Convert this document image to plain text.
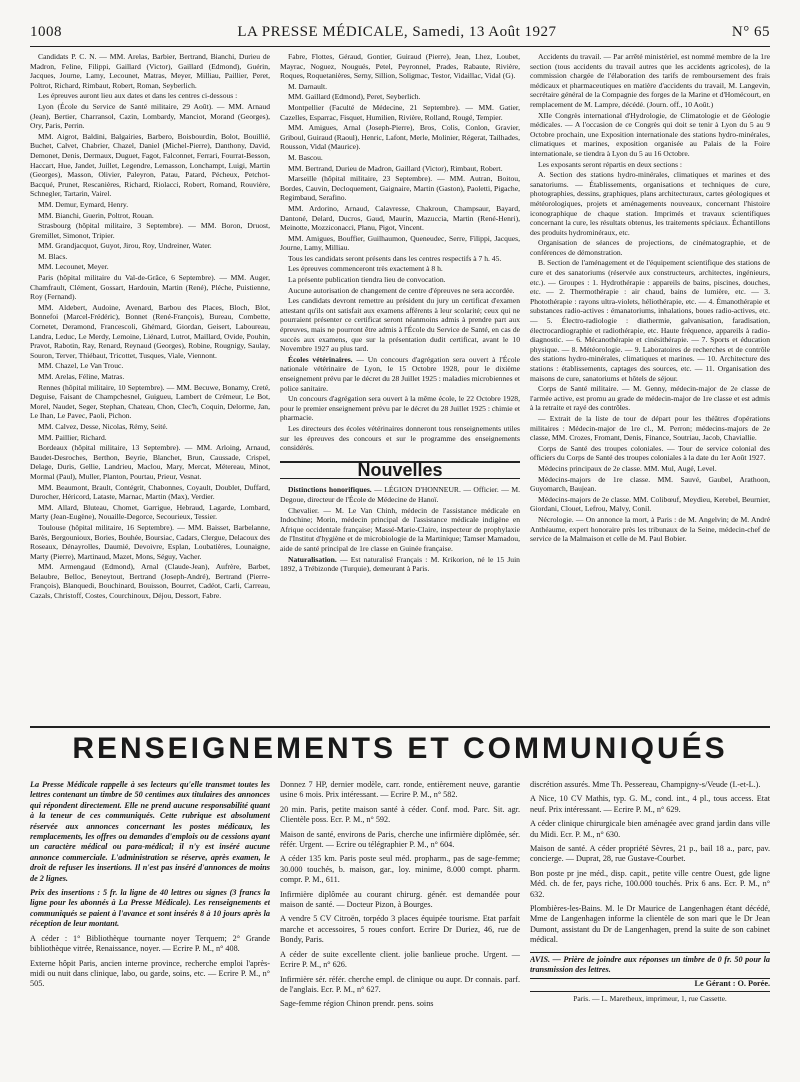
1008	LA PRESSE MÉDICALE, Samedi, 13 Août 1927	N° 65

Candidats P. C. N. — MM. Arelas, Barbier, Bertrand, Bianchi, Durieu de Madron, Feline, Filippi, Gaillard (Victor), Gaillard (Edmond), Guérin, Jacques, Journe, Lamy, Lecounet, Matras, Meyer, Milliau, Paillier, Peret, Poltrot, Richard, Rimbaut, Robert, Roman, Seyberlich.

Les épreuves auront lieu aux dates et dans les centres ci-dessous :

Lyon (École du Service de Santé militaire, 29 Août). — MM. Arnaud (Jean), Bertier, Charransol, Cazin, Lombardy, Manciot, Morand (Georges), Ory, Paris, Perrin.

MM. Aigrot, Baldini, Balgairies, Barbero, Boisbourdin, Bolot, Bouillié, Buchet, Calvet, Chabrier, Chazel, Daniel (Michel-Pierre), Danthony, David, Demonet, Denis, Dermaux, Duguet, Fagot, Falconnet, Ferrari, Fourrat-Besson, Haccart, Hue, Jandet, Juillet, Legendre, Lemasson, Lonchampt, Luigi, Martin (Georges), Masson, Olivier, Paleyron, Patau, Patard, Pécheux, Petchot-Bacqué, Prunet, Rescanières, Richard, Riolacci, Robert, Romand, Rouvière, Schnegler, Tartarin, Vairel.

MM. Demur, Eymard, Henry.

MM. Bianchi, Guerin, Poltrot, Rouan.

Strasbourg (hôpital militaire, 3 Septembre). — MM. Boron, Druost, Gremillet, Simonot, Tripier.

MM. Grandjacquot, Guyot, Jirou, Roy, Undreiner, Water.

M. Blacs.

MM. Lecounet, Meyer.

Paris (hôpital militaire du Val-de-Grâce, 6 Septembre). — MM. Auger, Chamfrault, Clément, Gossart, Hardouin, Martin (René), Pléche, Puistienne, Roy (Fernand).

MM. Aldebert, Audoine, Avenard, Barbou des Places, Bloch, Blot, Bonnefoi (Marcel-Frédéric), Bonnet (René-François), Bureau, Combette, Cornetet, Deramond, Francescoli, Ghémard, Giordan, Geisert, Laboureau, Landra, Leduc, Le Merdy, Lemoine, Liénard, Lutrot, Maillard, Ovide, Pouhin, Pravot, Rabotin, Ray, Renard, Reynaud (Georges), Robine, Rougnigy, Saulay, Souron, Terver, Thiébaut, Tricottet, Tusques, Viale, Viennont.

MM. Chazel, Le Van Trouc.

MM. Arelas, Féline, Matras.

Rennes (hôpital militaire, 10 Septembre). — MM. Becuwe, Bonamy, Creté, Deguise, Faisant de Champchesnel, Guigueu, Lambert de Crémeur, Le Bot, Morel, Naudet, Seger, Stephan, Chateau, Chon, Clec'h, Coquin, Delorme, Jan, Le Ihan, Le Pavec, Paoli, Pichon.

MM. Calvez, Desse, Nicolas, Rémy, Seité.

MM. Paillier, Richard.

Bordeaux (hôpital militaire, 13 Septembre). — MM. Arloing, Arnaud, Baudet-Desroches, Berthon, Beyrie, Blanchet, Brun, Caussade, Crispel, Delage, Duris, Gellie, Landrieu, Maclou, Mary, Mercat, Métereau, Minot, Mormal (Paul), Muller, Planton, Pourtau, Prieur, Vesnat.

MM. Beaumont, Brault, Contégrit, Chabonnes, Coyault, Doublet, Duffard, Durocher, Héricord, Lataste, Marnac, Martin (Max), Verdier.

MM. Allard, Bluteau, Chomet, Garrigue, Hebraud, Lagarde, Lombard, Marty (Jean-Eugène), Nouaille-Degorce, Secourieux, Tessier.

Toulouse (hôpital militaire, 16 Septembre). — MM. Baisset, Barbelanne, Barès, Bergounioux, Bories, Bouhée, Boursiac, Cadars, Clergue, Delacoux des Roseaux, Dénayrolles, Daumié, Devoivre, Esplan, Loubatières, Lounaigne, Marty (Pierre), Martinaud, Mazet, Mons, Séguy, Vacher.

MM. Armengaud (Edmond), Arnal (Claude-Jean), Aufrère, Barbet, Belaubre, Belloc, Beneytout, Bertrand (Joseph-André), Bertrand (Pierre-François), Blanquedi, Bouchinard, Bouisson, Bourret, Cadéot, Carli, Carreau, Cazals, Christoff, Costes, Courchinoux, Déjou, Dessort, Fabre.

Fabre, Flottes, Géraud, Gontier, Guiraud (Pierre), Jean, Lhez, Loubet, Mayrac, Noguez, Nougués, Petel, Peyronnel, Prades, Rabaute, Rivière, Roques, Roquetanières, Serny, Sillion, Soligmac, Testor, Vidaillac, Vidal (G).

M. Darnault.

MM. Gaillard (Edmond), Peret, Seyberlich.

Montpellier (Faculté de Médecine, 21 Septembre). — MM. Gatier, Cazelles, Esparrac, Fisquet, Humilien, Rivière, Rolland, Rougé, Tempier.

MM. Amigues, Arnal (Joseph-Pierre), Bros, Colis, Conlon, Gravier, Griboul, Guiraud (Raoul), Henric, Lafont, Merle, Molinier, Régerat, Tailhades, Rousson, Vidal (Maurice).

M. Bascou.

MM. Bertrand, Durieu de Madron, Gaillard (Victor), Rimbaut, Robert.

Marseille (hôpital militaire, 23 Septembre). — MM. Autran, Boitou, Bordes, Cauvin, Decloquement, Gaignaire, Martin (Gaston), Paoletti, Pigache, Regimbaud, Serafino.

MM. Ardorino, Arnaud, Calavresse, Chakroun, Champsaur, Bayard, Dantoné, Delard, Ducros, Gaud, Maurin, Mazuccia, Martin (René-Henri), Meinotte, Mozziconacci, Planu, Pigot, Vincent.

MM. Amigues, Bouffier, Guilhaumon, Queneudec, Serre, Filippi, Jacques, Journe, Lamy, Milliau.

Tous les candidats seront présents dans les centres respectifs à 7 h. 45.

Les épreuves commenceront très exactement à 8 h.

La présente publication tiendra lieu de convocation.

Aucune autorisation de changement de centre d'épreuves ne sera accordée.

Les candidats devront remettre au président du jury un certificat d'examen attestant qu'ils ont satisfait aux examens afférents à leur scolarité; ceux qui ne pourraient présenter ce certificat seront néanmoins admis à prendre part aux épreuves, mais ne pourront être admis à l'École du Service de Santé, en cas de succès aux examens, que sur la présentation dudit certificat, avant le 10 Novembre 1927 au plus tard.

Écoles vétérinaires. — Un concours d'agrégation sera ouvert à l'École nationale vétérinaire de Lyon, le 15 Octobre 1928, pour le dixième enseignement prévu par le décret du 28 Juillet 1925 : maladies microbiennes et police sanitaire.

Un concours d'agrégation sera ouvert à la même école, le 22 Octobre 1928, pour le premier enseignement prévu par le décret du 28 Juillet 1925 : chimie et pharmacie.

Les directeurs des écoles vétérinaires donneront tous renseignements utiles sur les épreuves des concours et sur le programme des enseignements considérés.

Nouvelles

Distinctions honorifiques. — LÉGION D'HONNEUR. — Officier. — M. Degoue, directeur de l'École de Médecine de Hanoï.

Chevalier. — M. Le Van Chinh, médecin de l'assistance médicale en Indochine; Morin, médecin principal de l'assistance médicale indigène en Afrique occidentale française; Massé-Marie-Claire, inspecteur de prophylaxie de l'Institut d'hygiène et de microbiologie de la Martinique; Tamser Mamadou, aide de santé principal de 1re classe en Guinée française.

Naturalisation. — Est naturalisé Français : M. Krikorion, né le 15 Juin 1892, à Trébizonde (Turquie), demeurant à Paris.

Accidents du travail. — Par arrêté ministériel, est nommé membre de la 1re section (tous accidents du travail autres que les accidents agricoles), de la commission chargée de l'élaboration des tarifs de remboursement des frais médicaux et pharmaceutiques en matière d'accidents du travail, M. Langevin, secrétaire général de la Compagnie des forges de la Marine et d'Homécourt, en remplacement de M. Lampre, décédé. (Journ. off., 10 Août.)

XIIe Congrès international d'Hydrologie, de Climatologie et de Géologie médicales. — A l'occasion de ce Congrès qui doit se tenir à Lyon du 5 au 9 Octobre prochain, une Exposition internationale des stations hydro-minérales, climatiques et marines, exposition organisée au Palais de la Foire internationale, se tiendra à Lyon du 5 au 16 Octobre.

Les exposants seront répartis en deux sections :

A. Section des stations hydro-minérales, climatiques et marines et des sanatoriums. — Établissements, organisations et techniques de cure, photographies, dessins, graphiques, plans architecturaux, cartes géologiques et météorologiques, projets et aménagements nouveaux, concernant l'histoire iconographique de chaque station. Imprimés et travaux scientifiques concernant la cure, les résultats obtenus, les traitements spéciaux. Échantillons des produits hydrominéraux, etc.

Organisation de séances de projections, de cinématographie, et de conférences de démonstration.

B. Section de l'aménagement et de l'équipement scientifique des stations de cure et des sanatoriums (réservée aux constructeurs, architectes, ingénieurs, etc.). — Groupes : 1. Hydrothérapie : appareils de bains, piscines, douches, etc. — 2. Thermothérapie : air chaud, bains de lumière, etc. — 3. Photothérapie : rayons ultra-violets, héliothérapie, etc. — 4. Émanothérapie et substances radio-actives : émanatoriums, inhalations, boues radio-actives, etc. — 5. Électro-radiologie : diathermie, galvanisation, faradisation, électrocardiographie et radiothérapie, etc. Haute fréquence, appareils à radio-diagnostic. — 6. Mécanothérapie et cinésithérapie. — 7. Sports et éducation physique. — 8. Météorologie. — 9. Laboratoires de recherches et de contrôle des stations hydro-minérales, climatiques et marines. — 10. Architecture des stations : établissements, captages des sources, etc. — 11. Organisation des maisons de cure, sanatoriums et hôtels de séjour.

Corps de Santé militaire. — M. Genny, médecin-major de 2e classe de l'armée active, est promu au grade de médecin-major de 1re classe et est admis à la retraite et rayé des contrôles.

— Extrait de la liste de tour de départ pour les théâtres d'opérations militaires : Médecin-major de 1re cl., M. Perron; médecins-majors de 2e classe, MM. Crozes, Fromant, Denis, Finance, Soutriau, Jacob, Chaviallie.

Corps de Santé des troupes coloniales. — Tour de service colonial des officiers du Corps de Santé des troupes coloniales à la date du 1er Août 1927.

Médecins principaux de 2e classe. MM. Mul, Augé, Level.

Médecins-majors de 1re classe. MM. Sauvé, Gaubel, Arathoon, Guyomarch, Baujean.

Médecins-majors de 2e classe. MM. Colibœuf, Meydieu, Kerebel, Beurnier, Giordani, Clouet, Lefrou, Malvy, Conil.

Nécrologie. — On annonce la mort, à Paris : de M. Angelvin; de M. André Anthéaume, expert honoraire près les tribunaux de la Seine, médecin-chef de service de la Malmaison et celle de M. Paul Bobier.

RENSEIGNEMENTS ET COMMUNIQUÉS

La Presse Médicale rappelle à ses lecteurs qu'elle transmet toutes les lettres contenant un timbre de 50 centimes aux titulaires des annonces qui répondent directement. Elle ne prend aucune responsabilité quant à la teneur de ces communiqués. Cette rubrique est absolument réservée aux annonces concernant les postes médicaux, les remplacements, les offres ou demandes d'emplois ou de cessions ayant un caractère médical ou para-médical; il n'y est inséré aucune annonce commerciale. L'administration se réserve, après examen, le droit de refuser les insertions. Il n'est pas inséré d'annonces de moins de 2 lignes.

Prix des insertions : 5 fr. la ligne de 40 lettres ou signes (3 francs la ligne pour les abonnés à La Presse Médicale). Les renseignements et communiqués se paient à l'avance et sont insérés 8 à 10 jours après la réception de leur montant.

A céder : 1° Bibliothèque tournante noyer Terquem; 2° Grande bibliothèque vitrée, Renaissance, noyer. — Ecrire P. M., n° 408.

Externe hôpit Paris, ancien interne province, recherche emploi l'après-midi ou nuit dans clinique, labo, ou garde, soins, etc. — Ecrire P. M., n° 505.

Donnez 7 HP, dernier modèle, carr. ronde, entièrement neuve, garantie usine 6 mois. Prix intéressant. — Ecrire P. M., n° 582.

20 min. Paris, petite maison santé à céder. Conf. mod. Parc. Sit. agr. Clientèle poss. Ecr. P. M., n° 592.

Maison de santé, environs de Paris, cherche une infirmière diplômée, sér. référ. Urgent. — Ecrire ou télégraphier P. M., n° 604.

A céder 135 km. Paris poste seul méd. propharm., pas de sage-femme; 30.000 touchés, b. maison, gar., loy. minime, 8.000 compt. pharm. compr. P. M., 611.

Infirmière diplômée au courant chirurg. génér. est demandée pour maison de santé. — Docteur Pizon, à Bourges.

A vendre 5 CV Citroën, torpédo 3 places équipée tourisme. Etat parfait marche et accessoires, 5 roues confort. Ecrire Dr Duriez, 46, rue de Bondy, Paris.

A céder de suite excellente client. jolie banlieue proche. Urgent. — Ecrire P. M., n° 626.

Infirmière sér. référ. cherche empl. de clinique ou aupr. Dr connais. parf. de l'anglais. Ecr. P. M., n° 627.

Sage-femme région Chinon prendr. pens. soins

discrétion assurés. Mme Th. Pessereau, Champigny-s/Veude (I.-et-L.).

A Nice, 10 CV Mathis, typ. G. M., cond. int., 4 pl., tous access. Etat neuf. Prix intéressant. — Ecrire P. M., n° 629.

A céder clinique chirurgicale bien aménagée avec grand jardin dans ville du Midi. Ecr. P. M., n° 630.

Maison de santé. A céder propriété Sèvres, 21 p., bail 18 a., parc, pav. concierge. — Duprat, 28, rue Gustave-Courbet.

Bon poste pr jne méd., disp. capit., petite ville centre Ouest, gde ligne Méd. ch. de fer, pays riche, 100.000 touchés. Prix 6 ans. Ecr. P. M., n° 632.

Plombières-les-Bains. M. le Dr Maurice de Langenhagen étant décédé, Mme de Langenhagen informe la clientèle de son mari que le Dr Jean Dumont, assistant du Dr de Langenhagen, prend la suite de son cabinet médical.

AVIS. — Prière de joindre aux réponses un timbre de 0 fr. 50 pour la transmission des lettres.
Le Gérant : O. Porée.
Paris. — L. Maretheux, imprimeur, 1, rue Cassette.
